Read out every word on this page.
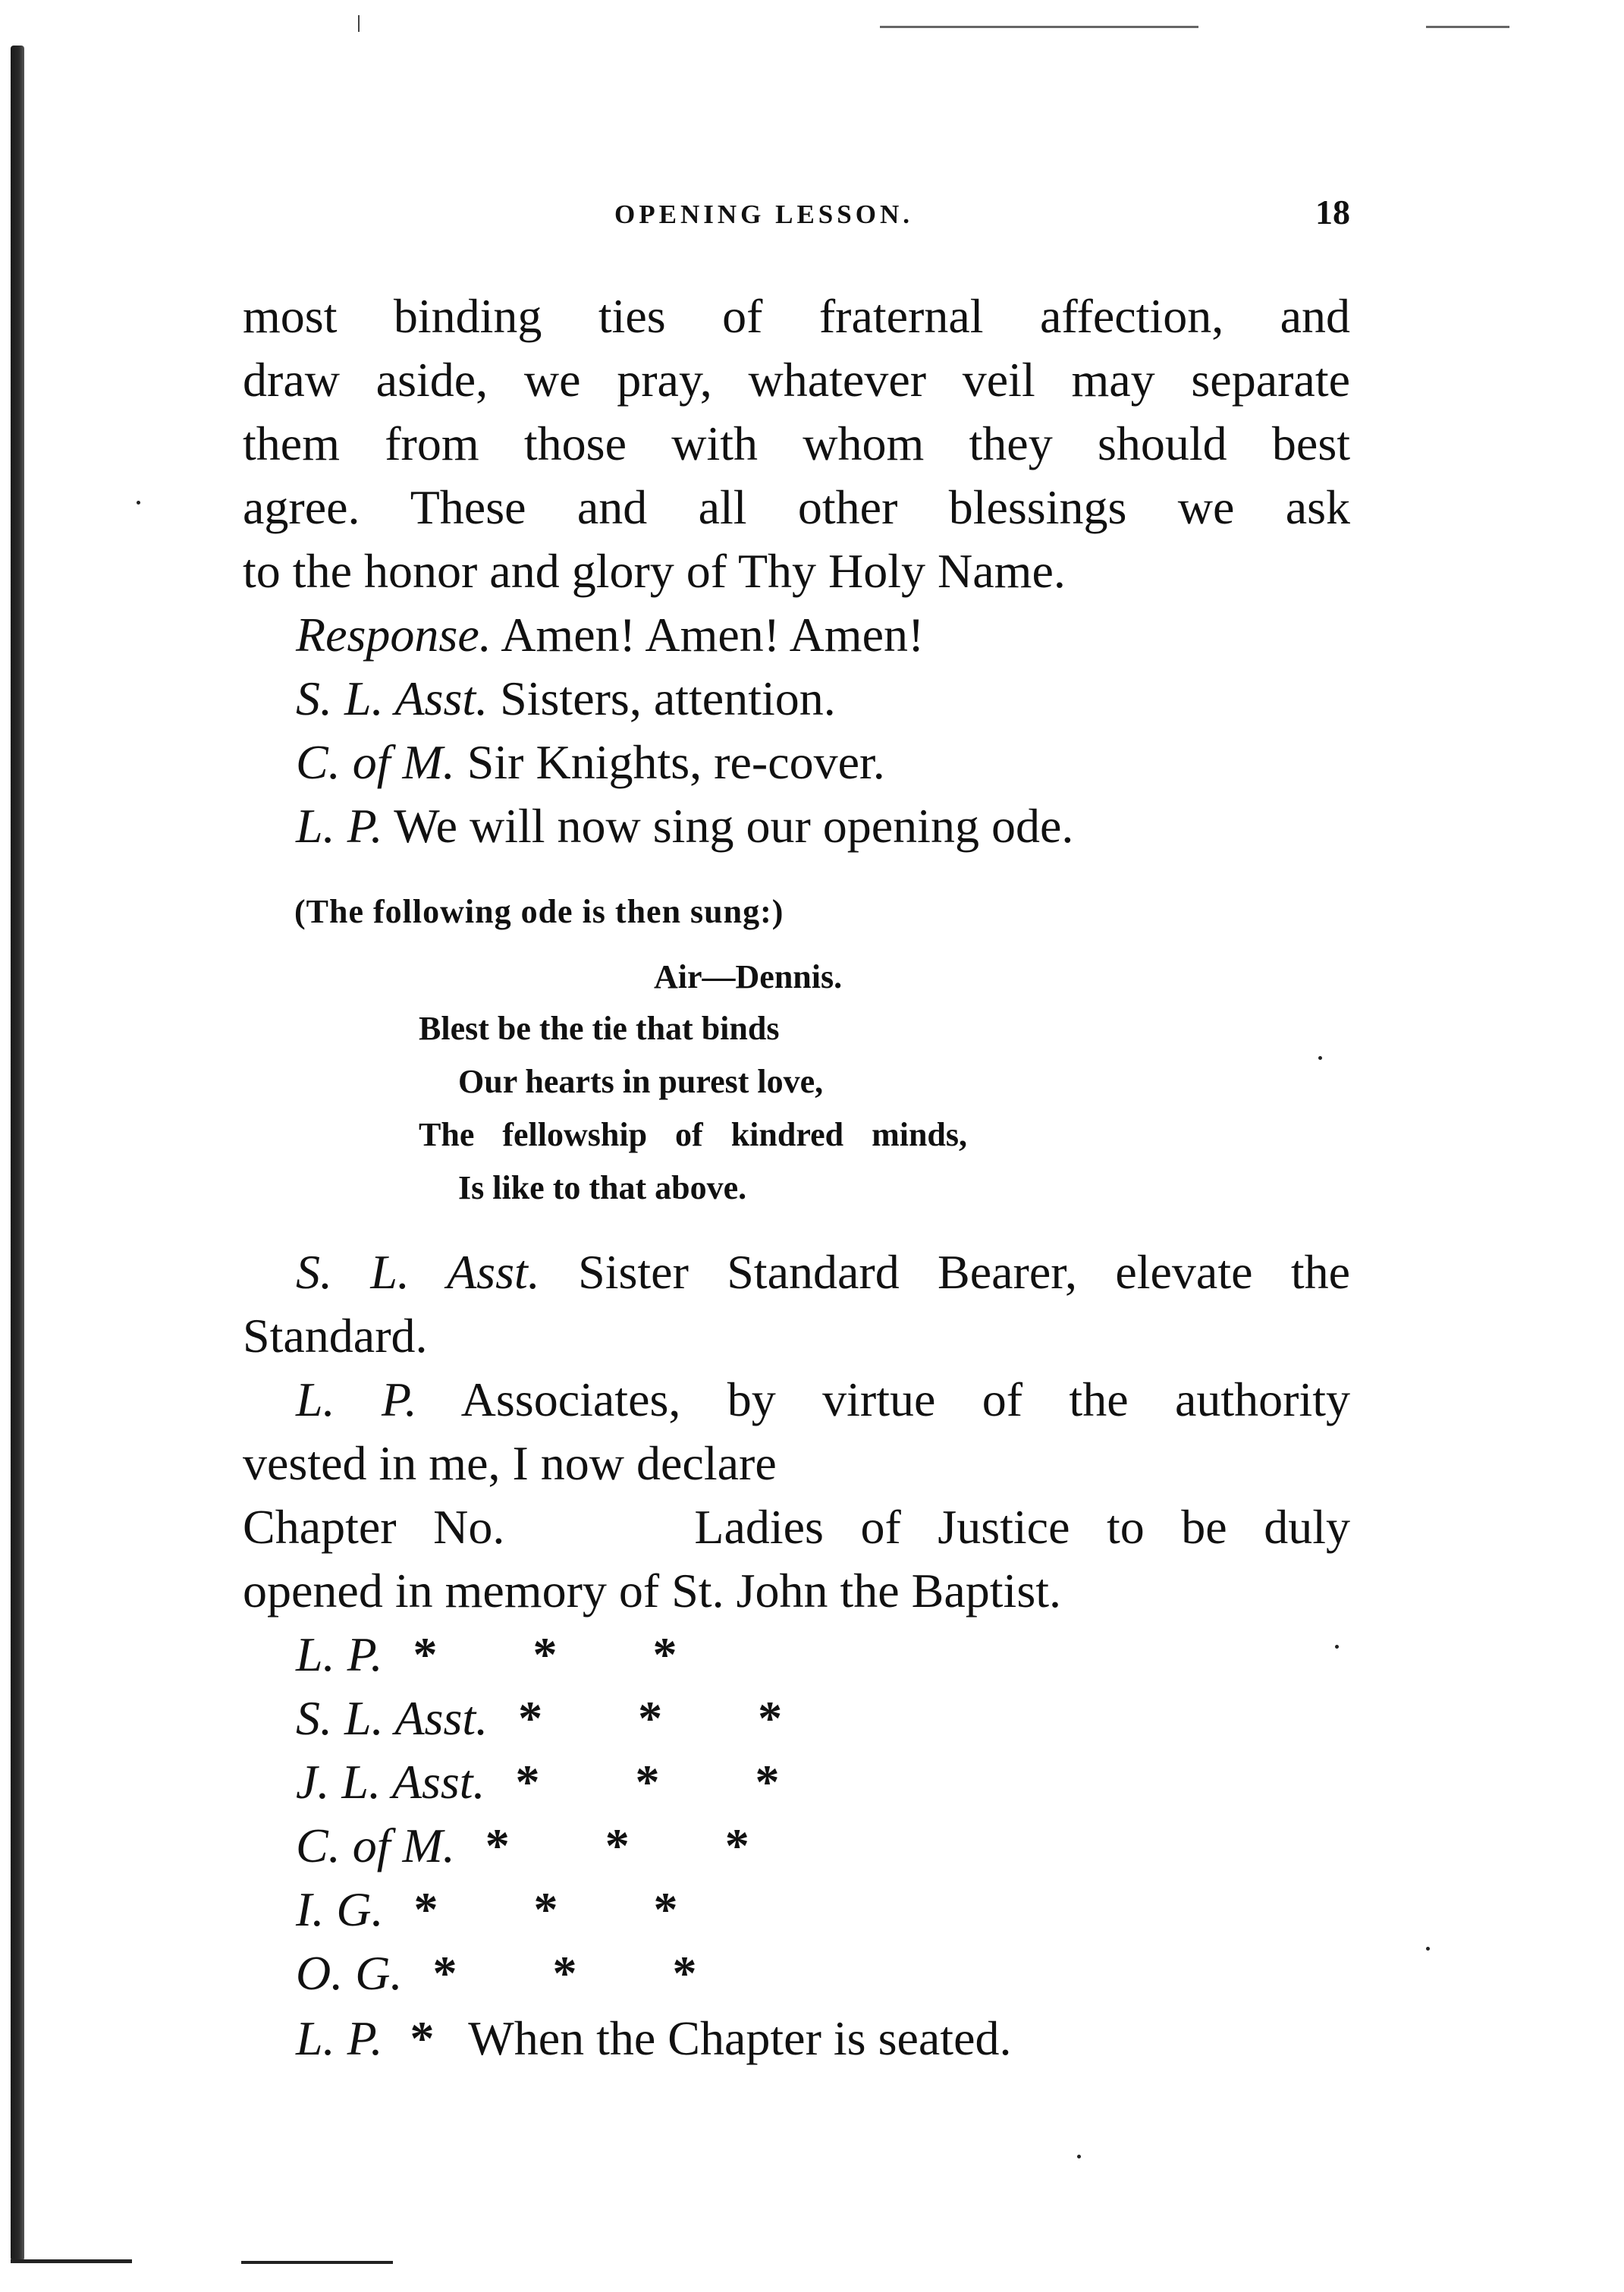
OPENING LESSON.	18
most binding ties of fraternal affection, and
draw aside, we pray, whatever veil may separate
them from those with whom they should best
agree. These and all other blessings we ask
to the honor and glory of Thy Holy Name.
Response. Amen! Amen! Amen!
S. L. Asst. Sisters, attention.
C. of M. Sir Knights, re-cover.
L. P. We will now sing our opening ode.
(The following ode is then sung:)
Air—Dennis.
Blest be the tie that binds
Our hearts in purest love,
The fellowship of kindred minds,
Is like to that above.
S. L. Asst. Sister Standard Bearer, elevate the
Standard.
L. P. Associates, by virtue of the authority
vested in me, I now declare
Chapter No.	Ladies of Justice to be duly
opened in memory of St. John the Baptist.
L. P. * * *
S. L. Asst. * * *
J. L. Asst. * * *
C. of M. * * *
I. G. * * *
O. G. * * *
L. P. * When the Chapter is seated.
